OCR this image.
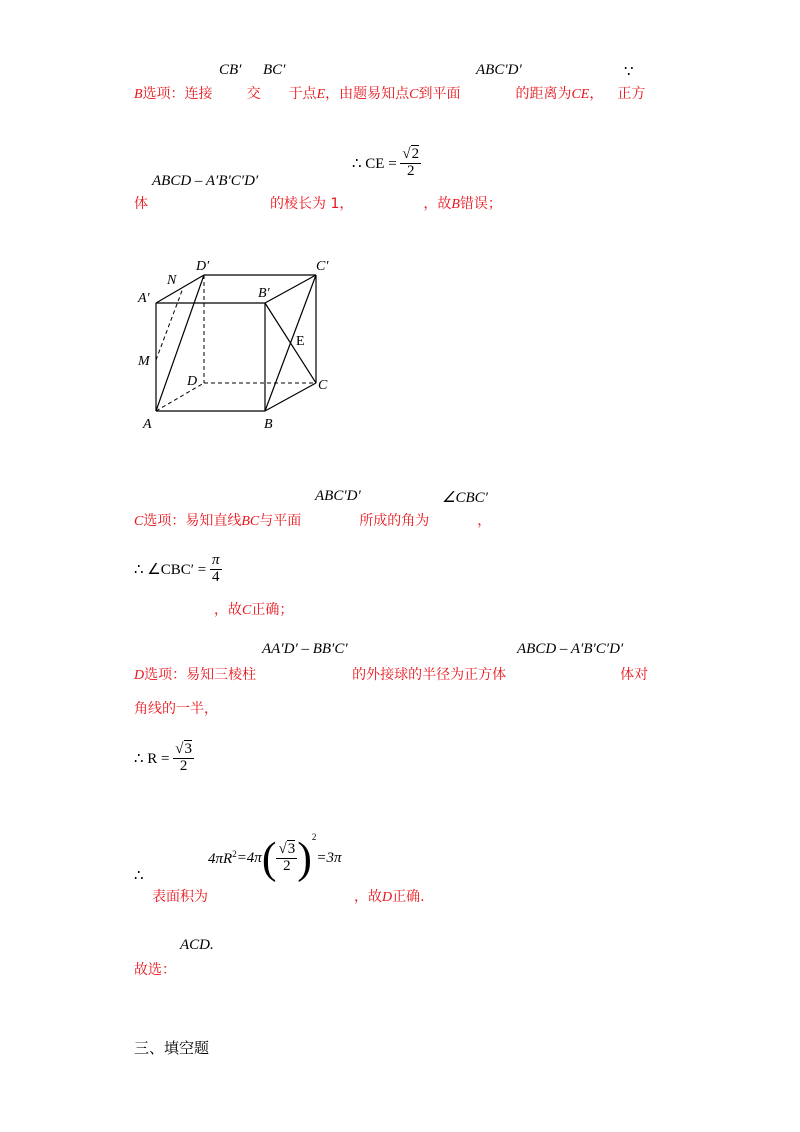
CB′ BC′	ABC′D′	∵
B选项：连接 交 于点E，由题易知点C到平面	的距离为CE， 正方
ABCD – A′B′C′D′
∴ CE = $\frac{√2}{2}$
体	的棱长为 1，	，故B错误；
N
D′	C′
A′	B′
E
M
D	C
A	B
ABC′D′	∠CBC′
C选项：易知直线BC与平面	所成的角为	，
∴ ∠CBC′ = $\frac{\pi}{4}$
，故C正确；
AA′D′ – BB′C′	ABCD – A′B′C′D′
D选项：易知三棱柱	的外接球的半径为正方体	体对
角线的一半，
∴ $R = \frac{√3}{2}$
$4\pi R^2=4\pi( \frac{√3}{2} )^2=3\pi$
∴
表面积为	，故D正确.
ACD.
故选：
三、填空题
